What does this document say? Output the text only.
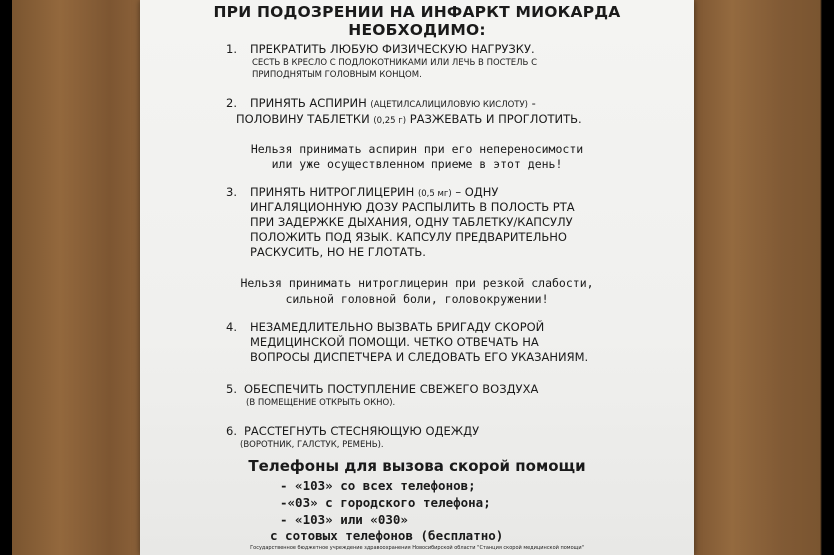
ПРИ ПОДОЗРЕНИИ НА ИНФАРКТ МИОКАРДА
НЕОБХОДИМО:
1. ПРЕКРАТИТЬ ЛЮБУЮ ФИЗИЧЕСКУЮ НАГРУЗКУ.
СЕСТЬ В КРЕСЛО С ПОДЛОКОТНИКАМИ ИЛИ ЛЕЧЬ В ПОСТЕЛЬ С
ПРИПОДНЯТЫМ ГОЛОВНЫМ КОНЦОМ.
2. ПРИНЯТЬ АСПИРИН (АЦЕТИЛСАЛИЦИЛОВУЮ КИСЛОТУ) -
ПОЛОВИНУ ТАБЛЕТКИ (0,25 г) РАЗЖЕВАТЬ И ПРОГЛОТИТЬ.
Нельзя принимать аспирин при его непереносимости
или уже осуществленном приеме в этот день!
3. ПРИНЯТЬ НИТРОГЛИЦЕРИН (0,5 мг) – ОДНУ
ИНГАЛЯЦИОННУЮ ДОЗУ РАСПЫЛИТЬ В ПОЛОСТЬ РТА
ПРИ ЗАДЕРЖКЕ ДЫХАНИЯ, ОДНУ ТАБЛЕТКУ/КАПСУЛУ
ПОЛОЖИТЬ ПОД ЯЗЫК. КАПСУЛУ ПРЕДВАРИТЕЛЬНО
РАСКУСИТЬ, НО НЕ ГЛОТАТЬ.
Нельзя принимать нитроглицерин при резкой слабости,
сильной головной боли, головокружении!
4. НЕЗАМЕДЛИТЕЛЬНО ВЫЗВАТЬ БРИГАДУ СКОРОЙ
МЕДИЦИНСКОЙ ПОМОЩИ. ЧЕТКО ОТВЕЧАТЬ НА
ВОПРОСЫ ДИСПЕТЧЕРА И СЛЕДОВАТЬ ЕГО УКАЗАНИЯМ.
5. ОБЕСПЕЧИТЬ ПОСТУПЛЕНИЕ СВЕЖЕГО ВОЗДУХА
(В ПОМЕЩЕНИЕ ОТКРЫТЬ ОКНО).
6. РАССТЕГНУТЬ СТЕСНЯЮЩУЮ ОДЕЖДУ
(ВОРОТНИК, ГАЛСТУК, РЕМЕНЬ).
Телефоны для вызова скорой помощи
- «103» со всех телефонов;
-«03» с городского телефона;
- «103» или «030»
с сотовых телефонов (бесплатно)
Государственное бюджетное учреждение здравоохранения Новосибирской области "Станция скорой медицинской помощи"
